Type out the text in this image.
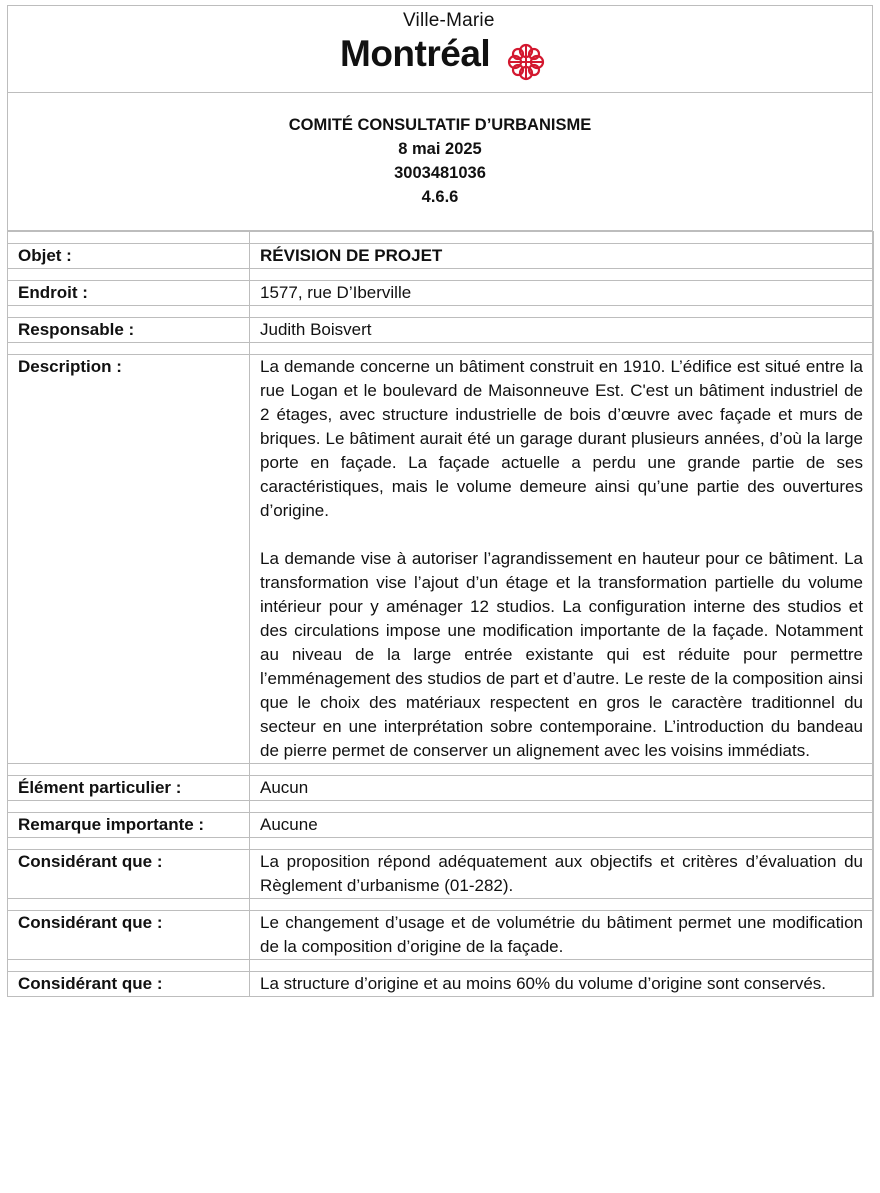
Ville-Marie
Montréal
COMITÉ CONSULTATIF D’URBANISME
8 mai 2025
3003481036
4.6.6

Objet :	RÉVISION DE PROJET

Endroit :	1577, rue D’Iberville

Responsable :	Judith Boisvert

Description :	La demande concerne un bâtiment construit en 1910. L’édifice est situé entre la rue Logan et le boulevard de Maisonneuve Est. C'est un bâtiment industriel de 2 étages, avec structure industrielle de bois d’œuvre avec façade et murs de briques. Le bâtiment aurait été un garage durant plusieurs années, d’où la large porte en façade. La façade actuelle a perdu une grande partie de ses caractéristiques, mais le volume demeure ainsi qu’une partie des ouvertures d’origine.
La demande vise à autoriser l’agrandissement en hauteur pour ce bâtiment. La transformation vise l’ajout d’un étage et la transformation partielle du volume intérieur pour y aménager 12 studios. La configuration interne des studios et des circulations impose une modification importante de la façade. Notamment au niveau de la large entrée existante qui est réduite pour permettre l’emménagement des studios de part et d’autre. Le reste de la composition ainsi que le choix des matériaux respectent en gros le caractère traditionnel du secteur en une interprétation sobre contemporaine. L’introduction du bandeau de pierre permet de conserver un alignement avec les voisins immédiats.

Élément particulier :	Aucun

Remarque importante :	Aucune

Considérant que :	La proposition répond adéquatement aux objectifs et critères d’évaluation du Règlement d’urbanisme (01-282).

Considérant que :	Le changement d’usage et de volumétrie du bâtiment permet une modification de la composition d’origine de la façade.

Considérant que :	La structure d’origine et au moins 60% du volume d’origine sont conservés.
